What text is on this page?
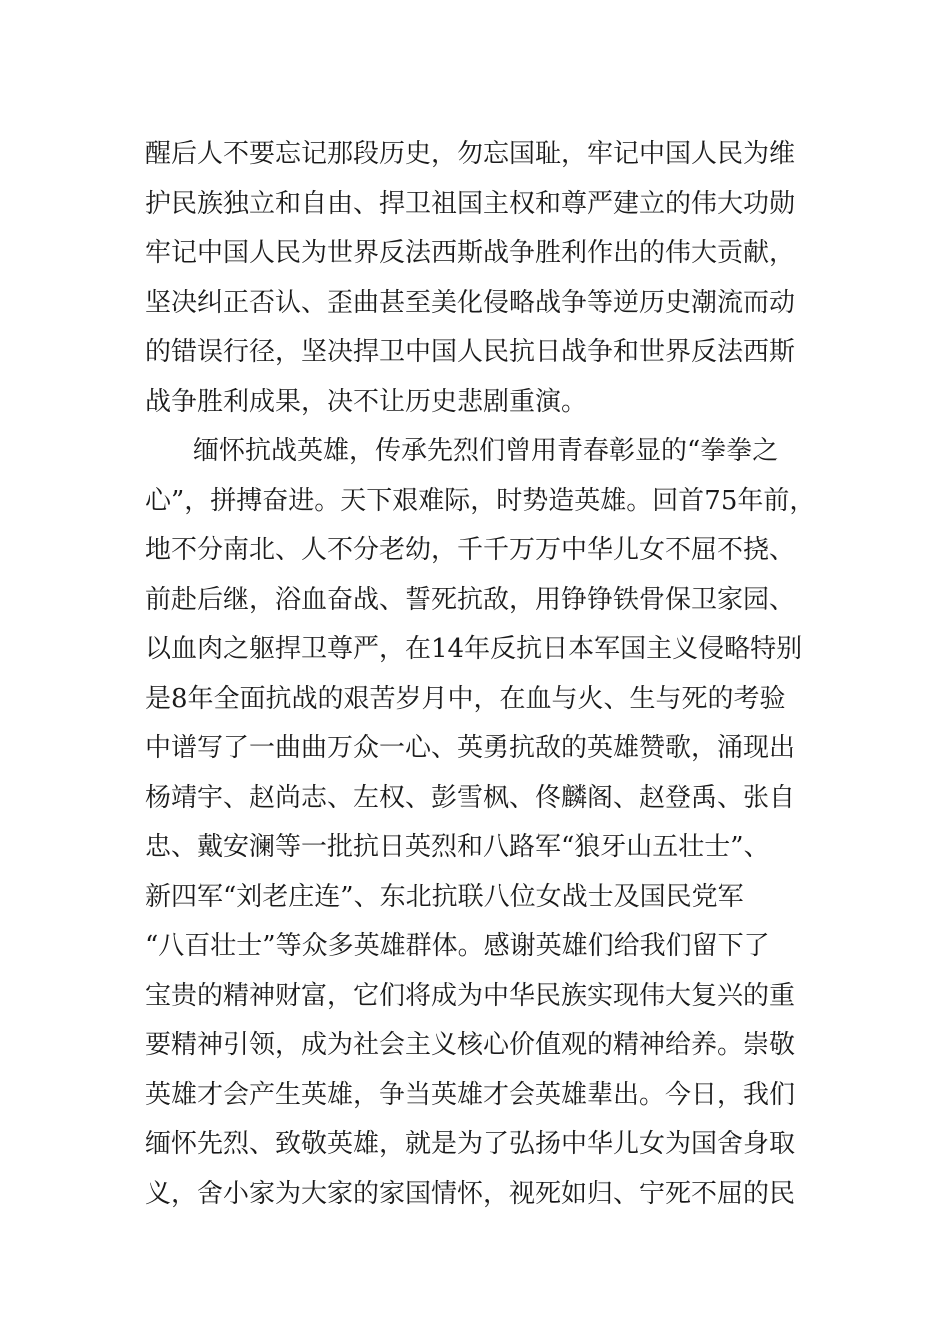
醒后人不要忘记那段历史，勿忘国耻，牢记中国人民为维
护民族独立和自由、捍卫祖国主权和尊严建立的伟大功勋
牢记中国人民为世界反法西斯战争胜利作出的伟大贡献，
坚决纠正否认、歪曲甚至美化侵略战争等逆历史潮流而动
的错误行径，坚决捍卫中国人民抗日战争和世界反法西斯
战争胜利成果，决不让历史悲剧重演。
缅怀抗战英雄，传承先烈们曾用青春彰显的“拳拳之
心”，拼搏奋进。天下艰难际，时势造英雄。回首75年前，
地不分南北、人不分老幼，千千万万中华儿女不屈不挠、
前赴后继，浴血奋战、誓死抗敌，用铮铮铁骨保卫家园、
以血肉之躯捍卫尊严，在14年反抗日本军国主义侵略特别
是8年全面抗战的艰苦岁月中，在血与火、生与死的考验
中谱写了一曲曲万众一心、英勇抗敌的英雄赞歌，涌现出
杨靖宇、赵尚志、左权、彭雪枫、佟麟阁、赵登禹、张自
忠、戴安澜等一批抗日英烈和八路军“狼牙山五壮士”、
新四军“刘老庄连”、东北抗联八位女战士及国民党军
“八百壮士”等众多英雄群体。感谢英雄们给我们留下了
宝贵的精神财富，它们将成为中华民族实现伟大复兴的重
要精神引领，成为社会主义核心价值观的精神给养。崇敬
英雄才会产生英雄，争当英雄才会英雄辈出。今日，我们
缅怀先烈、致敬英雄，就是为了弘扬中华儿女为国舍身取
义，舍小家为大家的家国情怀，视死如归、宁死不屈的民
